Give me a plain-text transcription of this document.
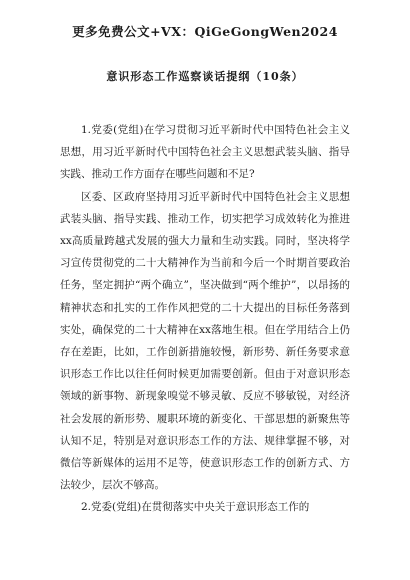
更多免费公文+VX：QiGeGongWen2024
意识形态工作巡察谈话提纲（10条）

1.党委(党组)在学习贯彻习近平新时代中国特色社会主义思想，用习近平新时代中国特色社会主义思想武装头脑、指导实践、推动工作方面存在哪些问题和不足?

区委、区政府坚持用习近平新时代中国特色社会主义思想武装头脑、指导实践、推动工作，切实把学习成效转化为推进xx高质量跨越式发展的强大力量和生动实践。同时，坚决将学习宣传贯彻党的二十大精神作为当前和今后一个时期首要政治任务，坚定拥护“两个确立”，坚决做到“两个维护”，以昂扬的精神状态和扎实的工作作风把党的二十大提出的目标任务落到实处，确保党的二十大精神在xx落地生根。但在学用结合上仍存在差距，比如，工作创新措施较慢，新形势、新任务要求意识形态工作比以往任何时候更加需要创新。但由于对意识形态领域的新事物、新现象嗅觉不够灵敏、反应不够敏锐，对经济社会发展的新形势、履职环境的新变化、干部思想的新聚焦等认知不足，特别是对意识形态工作的方法、规律掌握不够，对微信等新媒体的运用不足等，使意识形态工作的创新方式、方法较少，层次不够高。

2.党委(党组)在贯彻落实中央关于意识形态工作的
